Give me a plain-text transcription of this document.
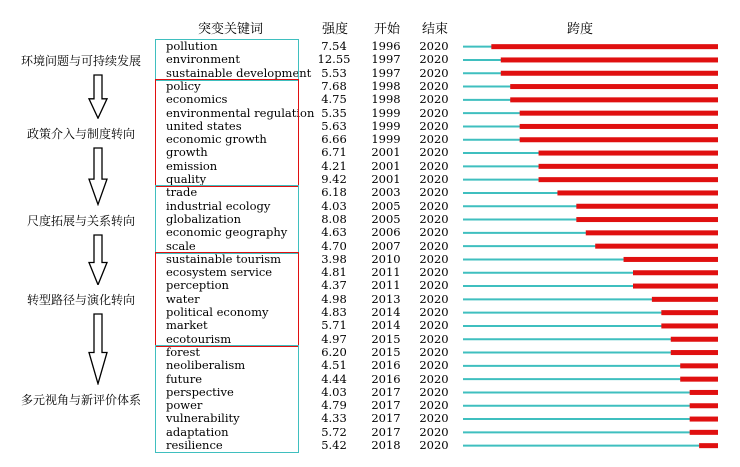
突变关键词	强度 开始 结束	跨度
环境问题与可持续发展
政策介入与制度转向
尺度拓展与关系转向
转型路径与演化转向
多元视角与新评价体系
pollution	7.54	1996	2020
environment	12.55	1997	2020
sustainable development 5.53	1997	2020
policy	7.68	1998	2020
economics	4.75	1998	2020
environmental regulation 5.35	1999	2020
united states	5.63	1999	2020
economic growth	6.66	1999	2020
growth	6.71	2001	2020
emission	4.21	2001	2020
quality	9.42	2001	2020
trade	6.18	2003	2020
industrial ecology	4.03	2005	2020
globalization	8.08	2005	2020
economic geography	4.63	2006	2020
scale	4.70	2007	2020
sustainable tourism	3.98	2010	2020
ecosystem service	4.81	2011	2020
perception	4.37	2011	2020
water	4.98	2013	2020
political economy	4.83	2014	2020
market	5.71	2014	2020
ecotourism	4.97	2015	2020
forest	6.20	2015	2020
neoliberalism	4.51	2016	2020
future	4.44	2016	2020
perspective	4.03	2017	2020
power	4.79	2017	2020
vulnerability	4.33	2017	2020
adaptation	5.72	2017	2020
resilience	5.42	2018	2020
